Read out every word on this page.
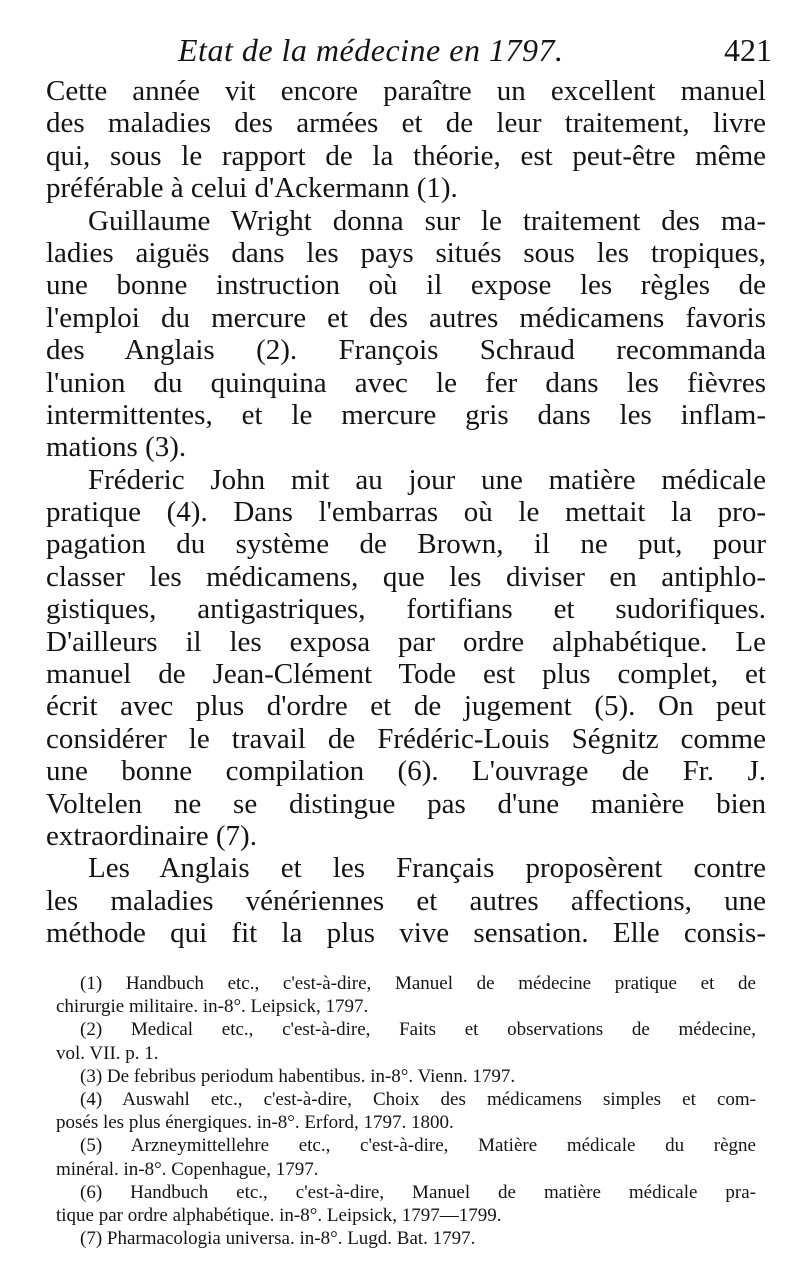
Etat de la médecine en 1797.	421
Cette année vit encore paraître un excellent manuel
des maladies des armées et de leur traitement, livre
qui, sous le rapport de la théorie, est peut-être même
préférable à celui d'Ackermann (1).
Guillaume Wright donna sur le traitement des ma-
ladies aiguës dans les pays situés sous les tropiques,
une bonne instruction où il expose les règles de
l'emploi du mercure et des autres médicamens favoris
des Anglais (2). François Schraud recommanda
l'union du quinquina avec le fer dans les fièvres
intermittentes, et le mercure gris dans les inflam-
mations (3).
Fréderic John mit au jour une matière médicale
pratique (4). Dans l'embarras où le mettait la pro-
pagation du système de Brown, il ne put, pour
classer les médicamens, que les diviser en antiphlo-
gistiques, antigastriques, fortifians et sudorifiques.
D'ailleurs il les exposa par ordre alphabétique. Le
manuel de Jean-Clément Tode est plus complet, et
écrit avec plus d'ordre et de jugement (5). On peut
considérer le travail de Frédéric-Louis Ségnitz comme
une bonne compilation (6). L'ouvrage de Fr. J.
Voltelen ne se distingue pas d'une manière bien
extraordinaire (7).
Les Anglais et les Français proposèrent contre
les maladies vénériennes et autres affections, une
méthode qui fit la plus vive sensation. Elle consis-
(1) Handbuch etc., c'est-à-dire, Manuel de médecine pratique et de
chirurgie militaire. in-8°. Leipsick, 1797.
(2) Medical etc., c'est-à-dire, Faits et observations de médecine,
vol. VII. p. 1.
(3) De febribus periodum habentibus. in-8°. Vienn. 1797.
(4) Auswahl etc., c'est-à-dire, Choix des médicamens simples et com-
posés les plus énergiques. in-8°. Erford, 1797. 1800.
(5) Arzneymittellehre etc., c'est-à-dire, Matière médicale du règne
minéral. in-8°. Copenhague, 1797.
(6) Handbuch etc., c'est-à-dire, Manuel de matière médicale pra-
tique par ordre alphabétique. in-8°. Leipsick, 1797—1799.
(7) Pharmacologia universa. in-8°. Lugd. Bat. 1797.
